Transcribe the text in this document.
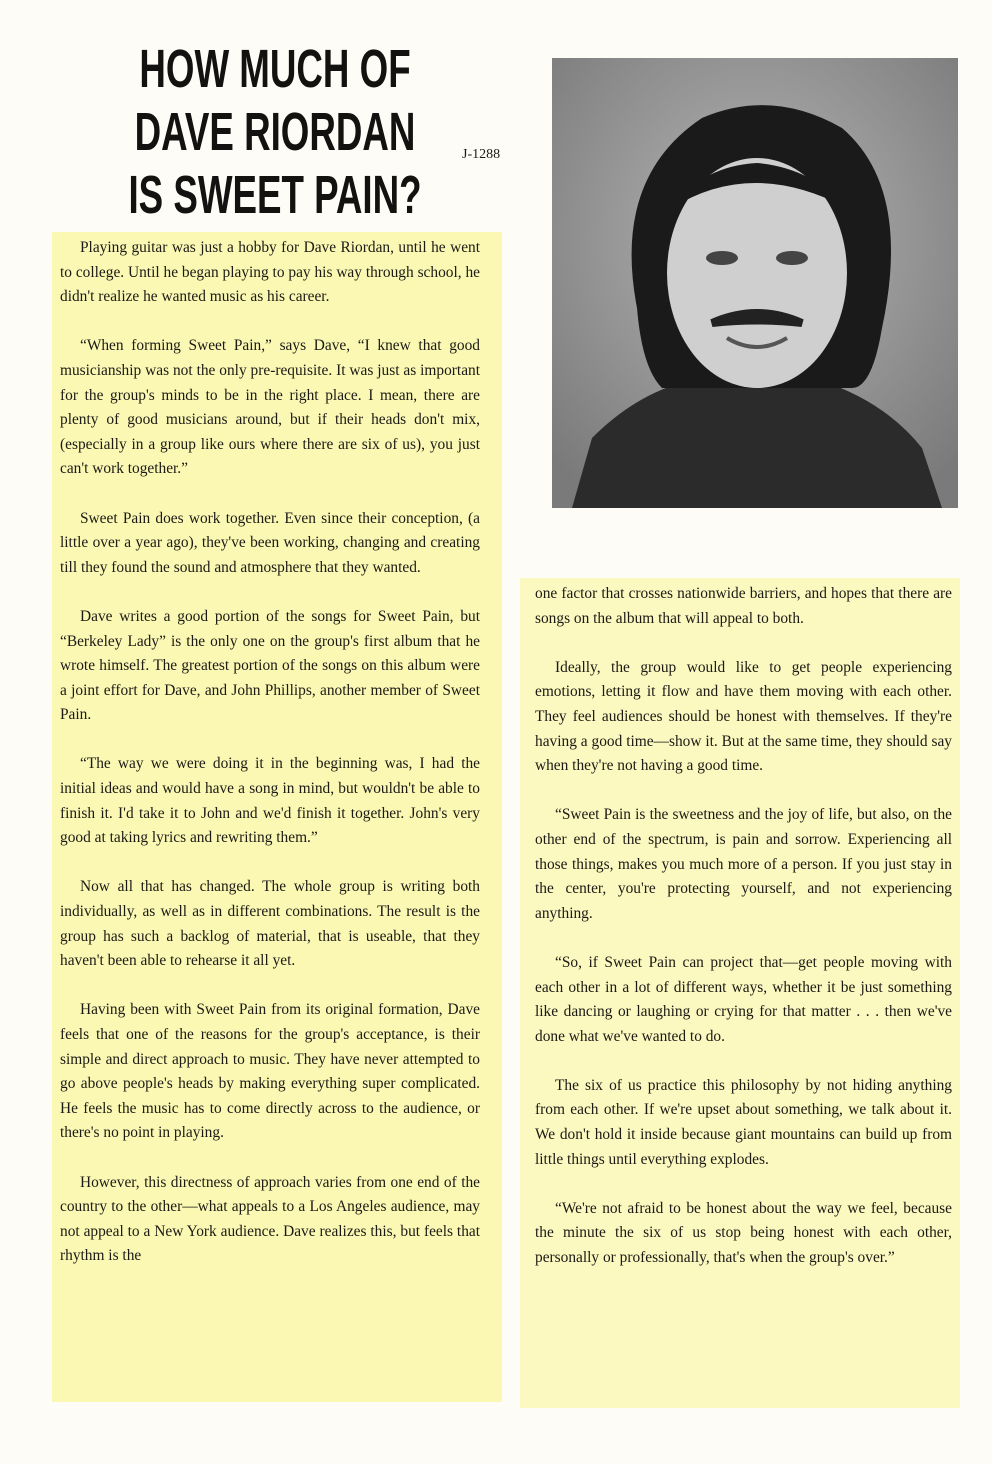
HOW MUCH OF
DAVE RIORDAN
IS SWEET PAIN?
J-1288

Playing guitar was just a hobby for Dave Riordan, until he went to college. Until he began playing to pay his way through school, he didn't realize he wanted music as his career.

“When forming Sweet Pain,” says Dave, “I knew that good musicianship was not the only pre-requisite. It was just as important for the group's minds to be in the right place. I mean, there are plenty of good musicians around, but if their heads don't mix, (especially in a group like ours where there are six of us), you just can't work together.”

Sweet Pain does work together. Even since their conception, (a little over a year ago), they've been working, changing and creating till they found the sound and atmosphere that they wanted.

Dave writes a good portion of the songs for Sweet Pain, but “Berkeley Lady” is the only one on the group's first album that he wrote himself. The greatest portion of the songs on this album were a joint effort for Dave, and John Phillips, another member of Sweet Pain.

“The way we were doing it in the beginning was, I had the initial ideas and would have a song in mind, but wouldn't be able to finish it. I'd take it to John and we'd finish it together. John's very good at taking lyrics and rewriting them.”

Now all that has changed. The whole group is writing both individually, as well as in different combinations. The result is the group has such a backlog of material, that is useable, that they haven't been able to rehearse it all yet.

Having been with Sweet Pain from its original formation, Dave feels that one of the reasons for the group's acceptance, is their simple and direct approach to music. They have never attempted to go above people's heads by making everything super complicated. He feels the music has to come directly across to the audience, or there's no point in playing.

However, this directness of approach varies from one end of the country to the other—what appeals to a Los Angeles audience, may not appeal to a New York audience. Dave realizes this, but feels that rhythm is the

one factor that crosses nationwide barriers, and hopes that there are songs on the album that will appeal to both.

Ideally, the group would like to get people experiencing emotions, letting it flow and have them moving with each other. They feel audiences should be honest with themselves. If they're having a good time—show it. But at the same time, they should say when they're not having a good time.

“Sweet Pain is the sweetness and the joy of life, but also, on the other end of the spectrum, is pain and sorrow. Experiencing all those things, makes you much more of a person. If you just stay in the center, you're protecting yourself, and not experiencing anything.

“So, if Sweet Pain can project that—get people moving with each other in a lot of different ways, whether it be just something like dancing or laughing or crying for that matter . . . then we've done what we've wanted to do.

The six of us practice this philosophy by not hiding anything from each other. If we're upset about something, we talk about it. We don't hold it inside because giant mountains can build up from little things until everything explodes.

“We're not afraid to be honest about the way we feel, because the minute the six of us stop being honest with each other, personally or professionally, that's when the group's over.”
